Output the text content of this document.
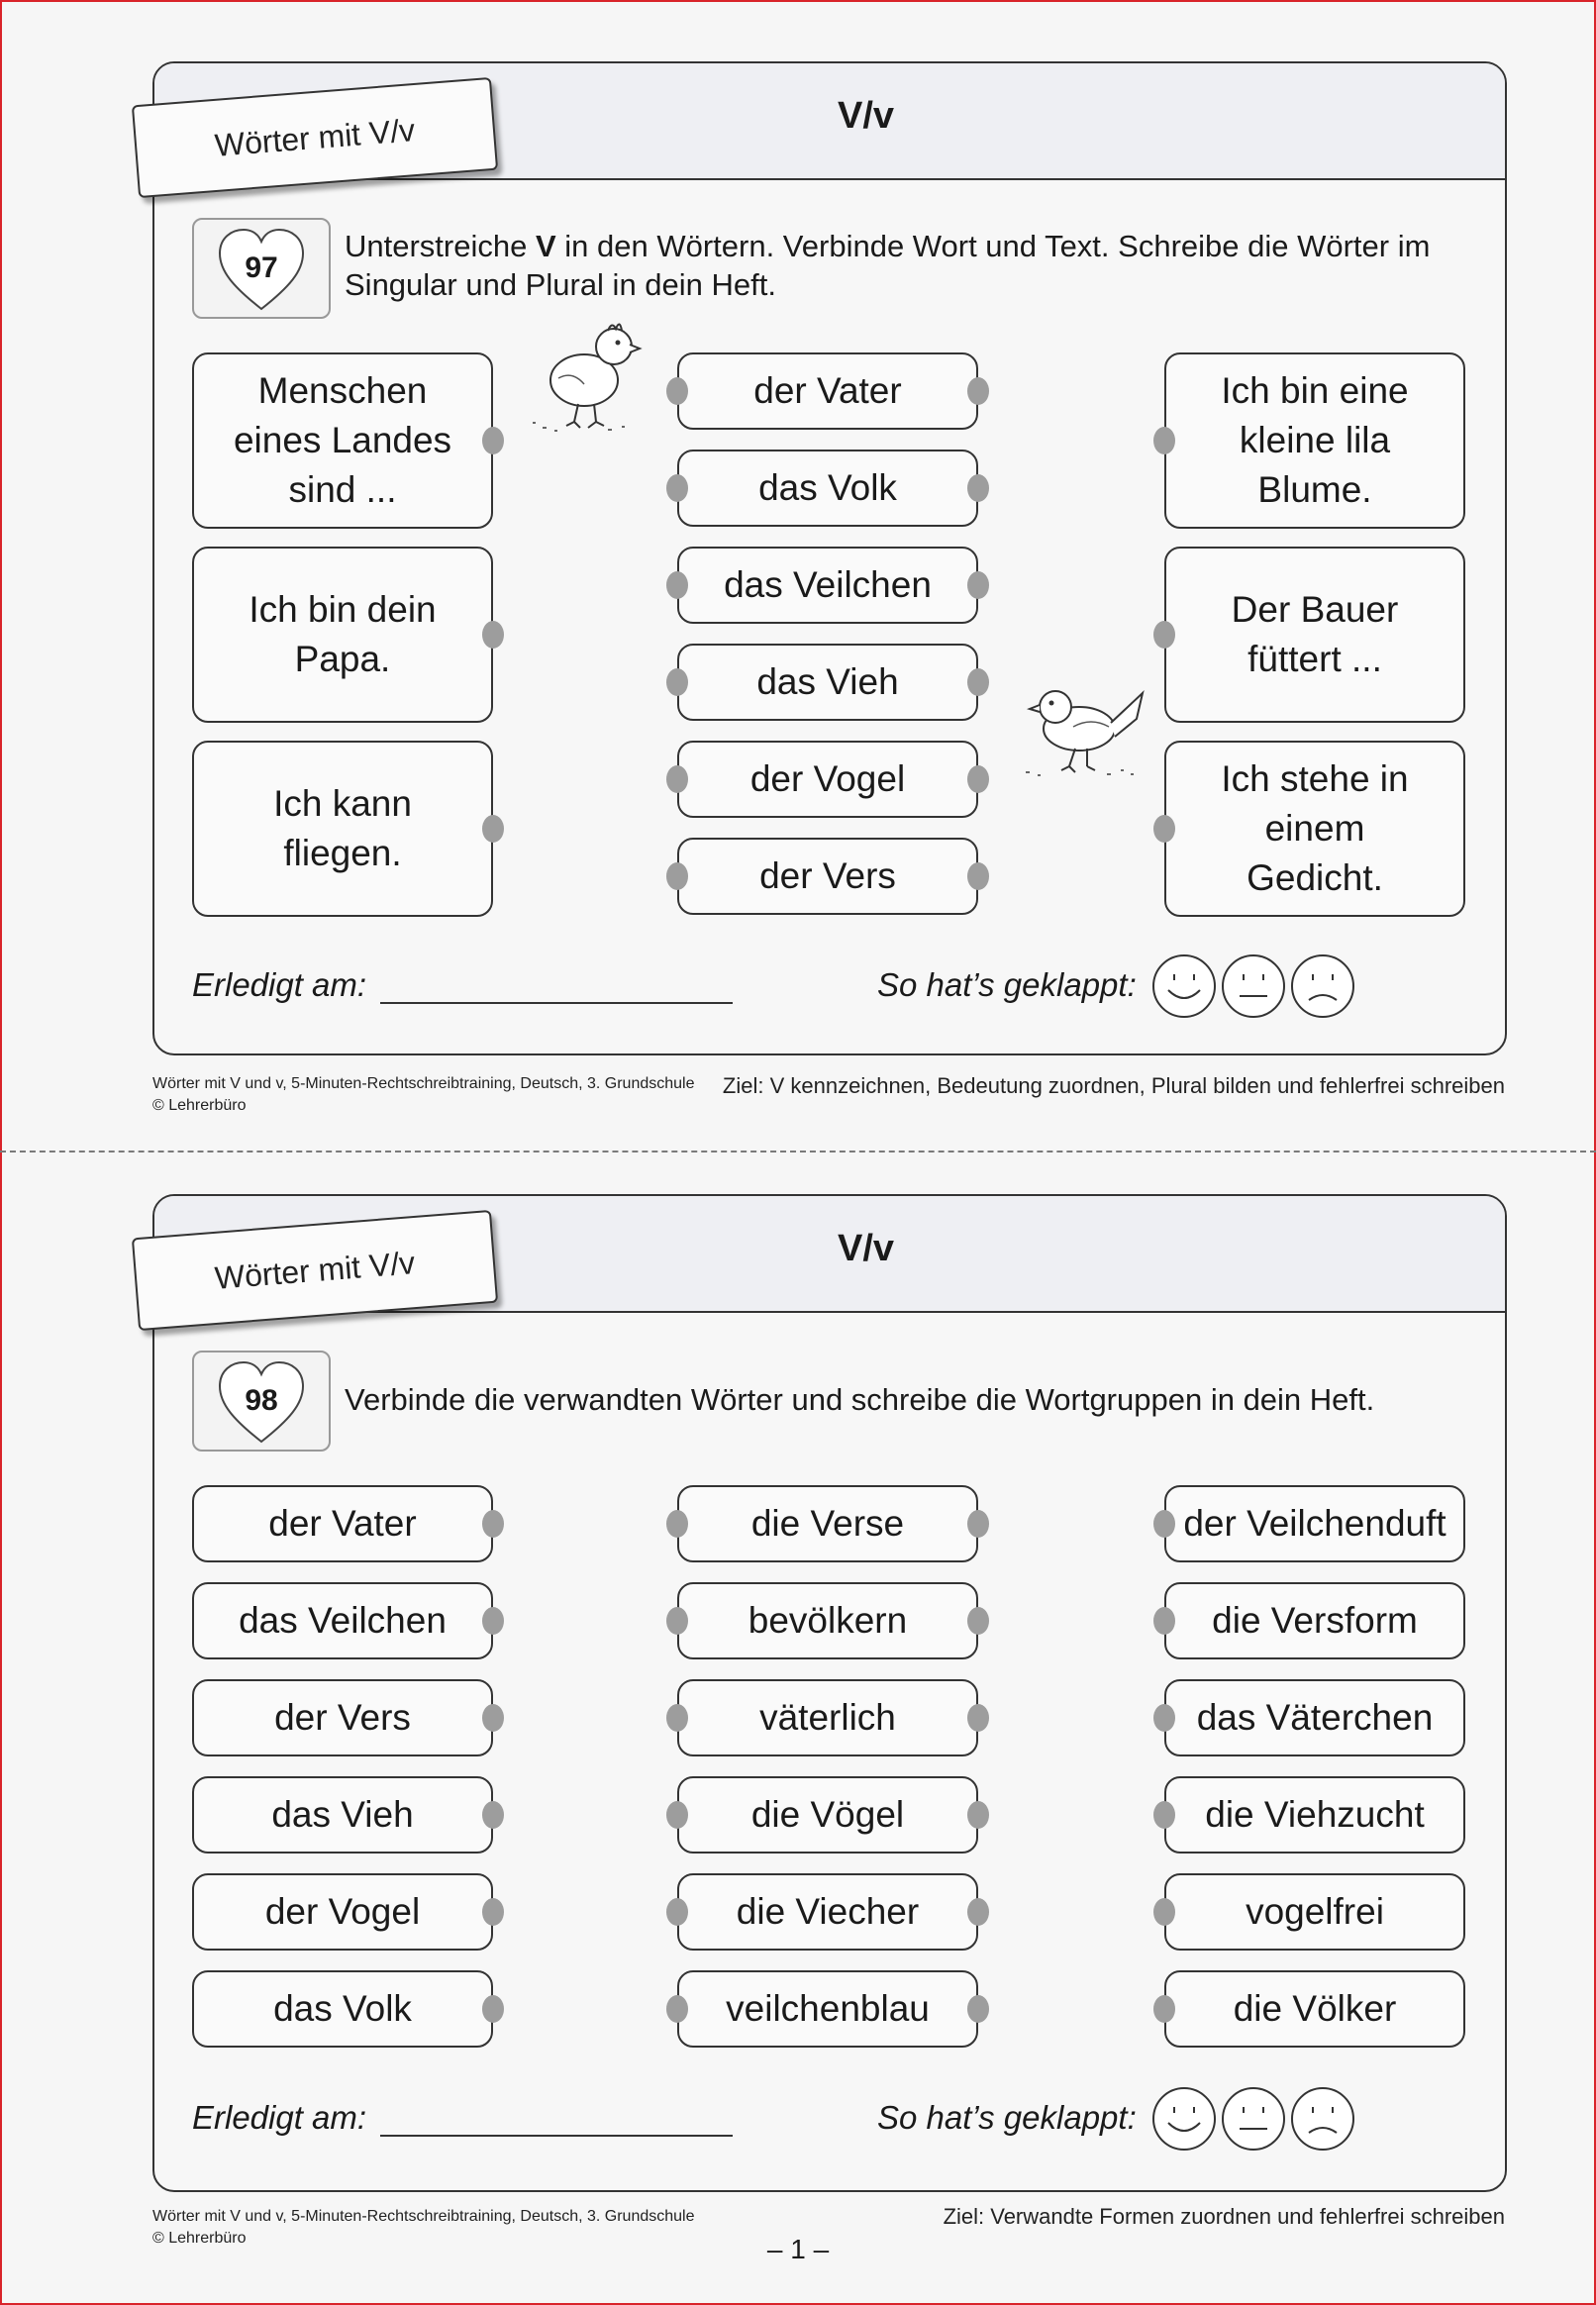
V/v
Wörter mit V/v
97
Unterstreiche V in den Wörtern. Verbinde Wort und Text. Schreibe die Wörter im Singular und Plural in dein Heft.
Menschen eines Landes sind ...
Ich bin dein Papa.
Ich kann fliegen.
der Vater
das Volk
das Veilchen
das Vieh
der Vogel
der Vers
Ich bin eine kleine lila Blume.
Der Bauer füttert ...
Ich stehe in einem Gedicht.
Erledigt am:	So hat’s geklappt:
Wörter mit V und v, 5-Minuten-Rechtschreibtraining, Deutsch, 3. Grundschule
© Lehrerbüro
Ziel: V kennzeichnen, Bedeutung zuordnen, Plural bilden und fehlerfrei schreiben
V/v
Wörter mit V/v
98	Verbinde die verwandten Wörter und schreibe die Wortgruppen in dein Heft.
der Vater
das Veilchen
der Vers
das Vieh
der Vogel
das Volk
die Verse
bevölkern
väterlich
die Vögel
die Viecher
veilchenblau
der Veilchenduft
die Versform
das Väterchen
die Viehzucht
vogelfrei
die Völker
Erledigt am:	So hat’s geklappt:
Wörter mit V und v, 5-Minuten-Rechtschreibtraining, Deutsch, 3. Grundschule
© Lehrerbüro
Ziel: Verwandte Formen zuordnen und fehlerfrei schreiben
– 1 –
